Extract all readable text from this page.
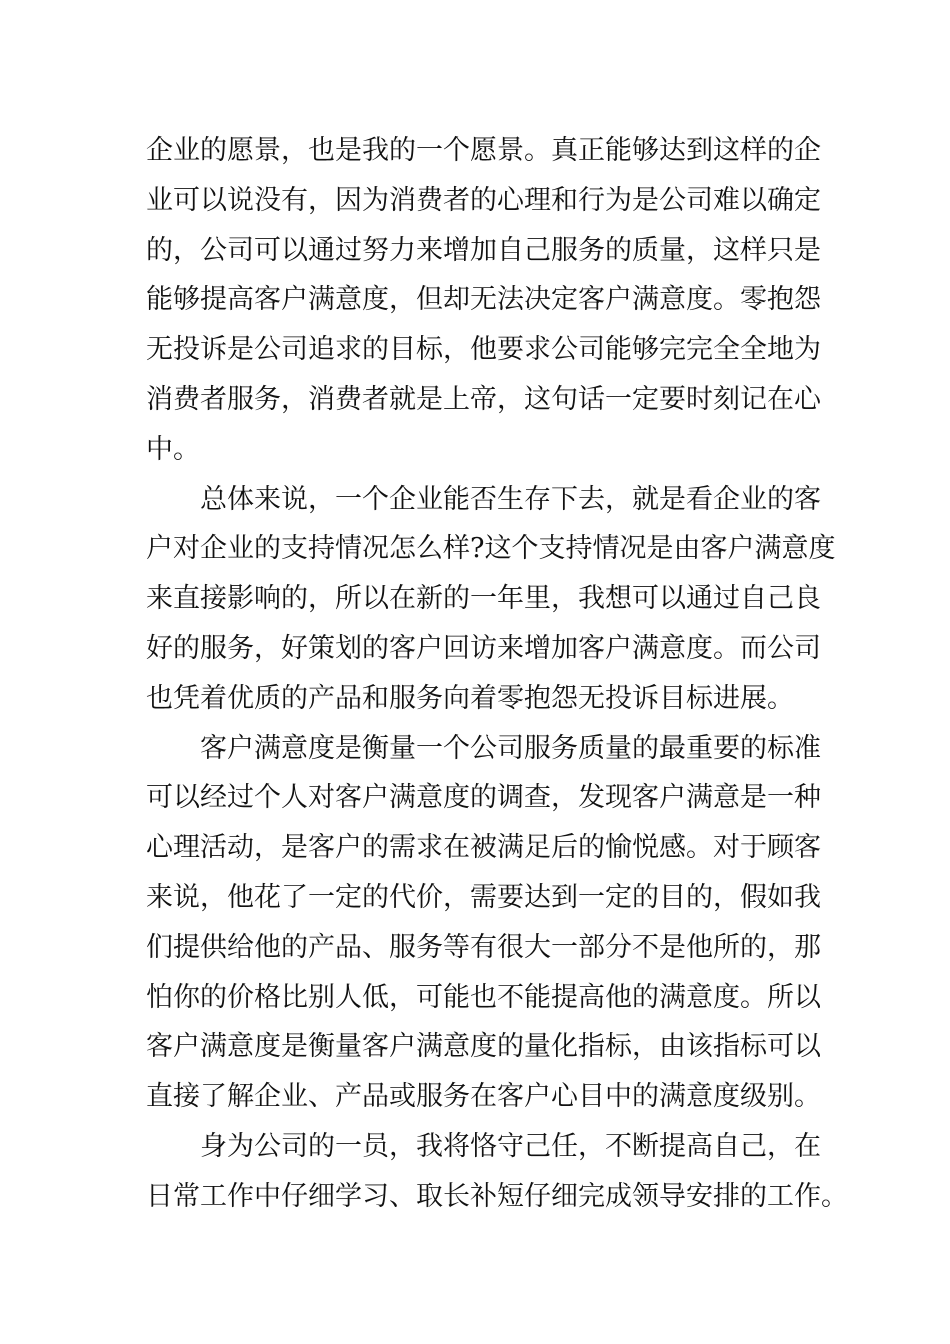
企业的愿景，也是我的一个愿景。真正能够达到这样的企
业可以说没有，因为消费者的心理和行为是公司难以确定
的，公司可以通过努力来增加自己服务的质量，这样只是
能够提高客户满意度，但却无法决定客户满意度。零抱怨
无投诉是公司追求的目标，他要求公司能够完完全全地为
消费者服务，消费者就是上帝，这句话一定要时刻记在心
中。
总体来说，一个企业能否生存下去，就是看企业的客
户对企业的支持情况怎么样?这个支持情况是由客户满意度
来直接影响的，所以在新的一年里，我想可以通过自己良
好的服务，好策划的客户回访来增加客户满意度。而公司
也凭着优质的产品和服务向着零抱怨无投诉目标进展。
客户满意度是衡量一个公司服务质量的最重要的标准
可以经过个人对客户满意度的调查，发现客户满意是一种
心理活动，是客户的需求在被满足后的愉悦感。对于顾客
来说，他花了一定的代价，需要达到一定的目的，假如我
们提供给他的产品、服务等有很大一部分不是他所的，那
怕你的价格比别人低，可能也不能提高他的满意度。所以
客户满意度是衡量客户满意度的量化指标，由该指标可以
直接了解企业、产品或服务在客户心目中的满意度级别。
身为公司的一员，我将恪守己任，不断提高自己，在
日常工作中仔细学习、取长补短仔细完成领导安排的工作。
